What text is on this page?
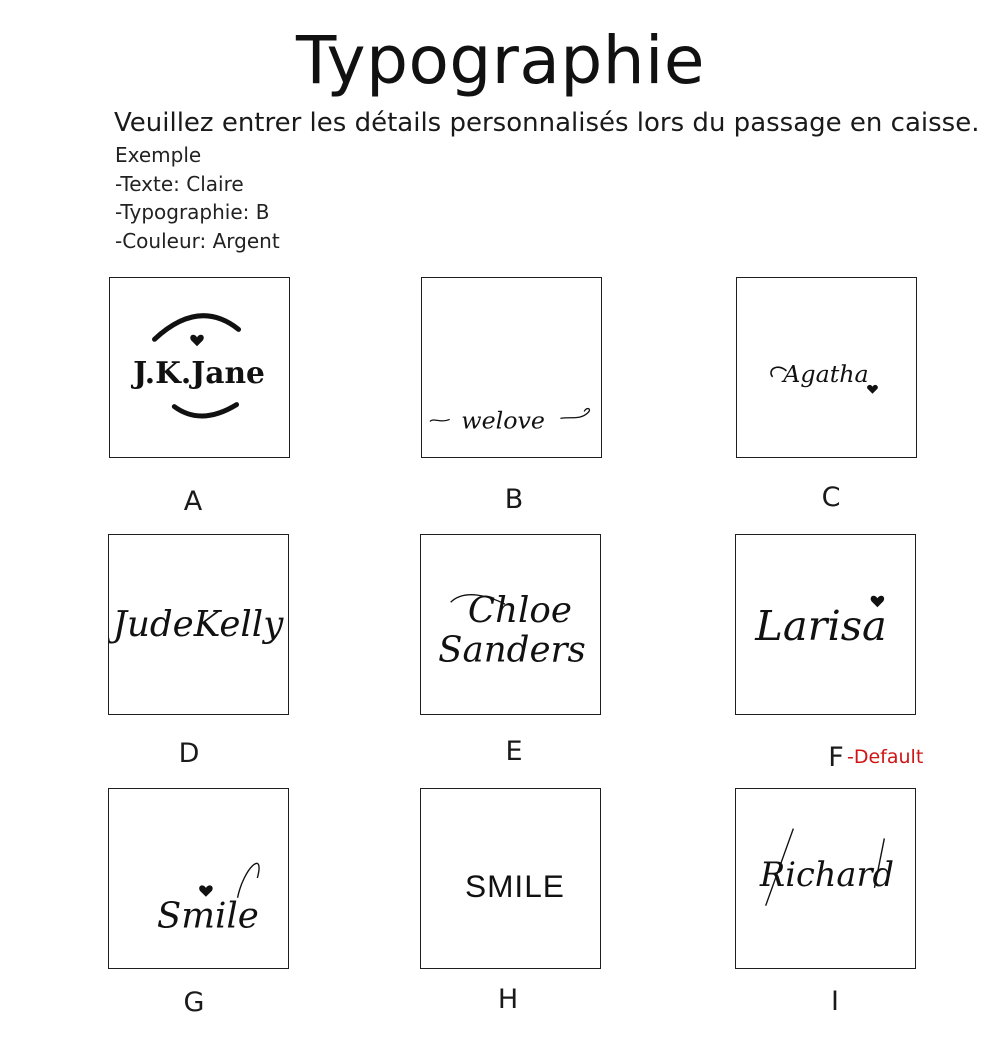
Typographie
Veuillez entrer les détails personnalisés lors du passage en caisse.
Exemple
-Texte: Claire
-Typographie: B
-Couleur: Argent
J.K.Jane
A
welove
B
Agatha
C
JudeKelly
D
Chloe
Sanders
E
Larisa
F -Default
Smile
G
SMILE
H
Richard
I
